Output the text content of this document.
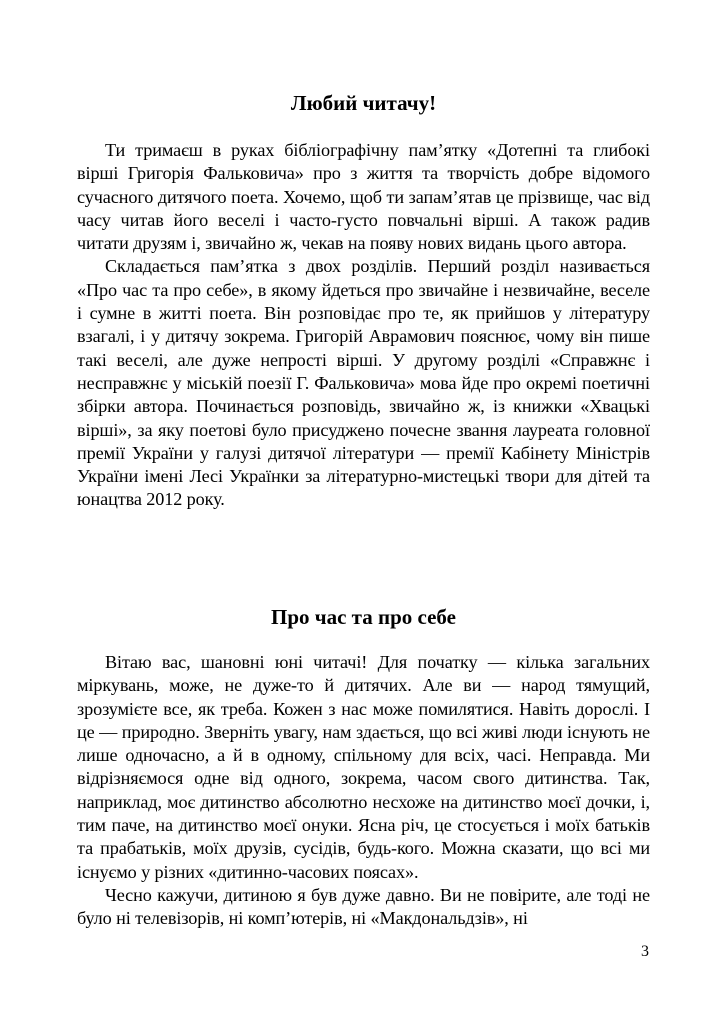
Любий читачу!

Ти тримаєш в руках бібліографічну пам’ятку «Дотепні та глибокі вірші Григорія Фальковича» про з життя та творчість добре відомого сучасного дитячого поета. Хочемо, щоб ти запам’ятав це прізвище, час від часу читав його веселі і часто-густо повчальні вірші. А також радив читати друзям і, звичайно ж, чекав на появу нових видань цього автора.

Складається пам’ятка з двох розділів. Перший розділ називається «Про час та про себе», в якому йдеться про звичайне і незвичайне, веселе і сумне в житті поета. Він розповідає про те, як прийшов у літературу взагалі, і у дитячу зокрема. Григорій Аврамович пояснює, чому він пише такі веселі, але дуже непрості вірші. У другому розділі «Справжнє і несправжнє у міській поезії Г. Фальковича» мова йде про окремі поетичні збірки автора. Починається розповідь, звичайно ж, із книжки «Хвацькі вірші», за яку поетові було присуджено почесне звання лауреата головної премії України у галузі дитячої літератури — премії Кабінету Міністрів України імені Лесі Українки за літературно-мистецькі твори для дітей та юнацтва 2012 року.

Про час та про себе

Вітаю вас, шановні юні читачі! Для початку — кілька загальних міркувань, може, не дуже-то й дитячих. Але ви — народ тямущий, зрозумієте все, як треба. Кожен з нас може помилятися. Навіть дорослі. І це — природно. Зверніть увагу, нам здається, що всі живі люди існують не лише одночасно, а й в одному, спільному для всіх, часі. Неправда. Ми відрізняємося одне від одного, зокрема, часом свого дитинства. Так, наприклад, моє дитинство абсолютно несхоже на дитинство моєї дочки, і, тим паче, на дитинство моєї онуки. Ясна річ, це стосується і моїх батьків та прабатьків, моїх друзів, сусідів, будь-кого. Можна сказати, що всі ми існуємо у різних «дитинно-часових поясах».

Чесно кажучи, дитиною я був дуже давно. Ви не повірите, але тоді не було ні телевізорів, ні комп’ютерів, ні «Макдональдзів», ні

3
